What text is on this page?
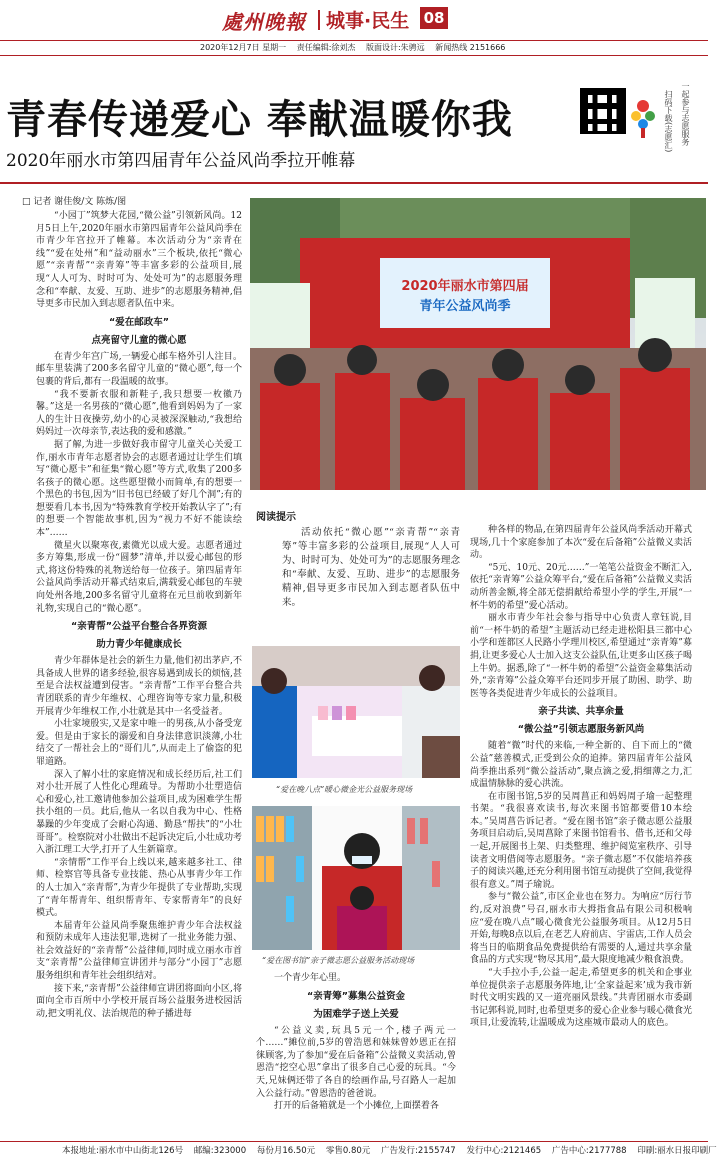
處州晚報 城事·民生 08
2020年12月7日 星期一 责任编辑:徐刘杰 版面设计:朱骋远 新闻热线 2151666
青春传递爱心 奉献温暖你我
2020年丽水市第四届青年公益风尚季拉开帷幕
扫码下载(志愿汇) 一起参与志愿服务
□ 记者 谢佳俊/文 陈炼/图

“小园丁”筑梦大花园,“微公益”引领新风尚。12月5日上午,2020年丽水市第四届青年公益风尚季在市青少年宫拉开了帷幕。本次活动分为“亲青在线”“爱在处州”和“益动丽水”三个板块,依托“微心愿”“亲青帮”“亲青筹”等丰富多彩的公益项目,展现“人人可为、时时可为、处处可为”的志愿服务理念和“奉献、友爱、互助、进步”的志愿服务精神,倡导更多市民加入到志愿者队伍中来。

“爱在邮政车”

点亮留守儿童的微心愿

在青少年宫广场,一辆爱心邮车格外引人注目。邮车里装满了200多名留守儿童的“微心愿”,每一个包裹的背后,都有一段温暖的故事。

“我不要新衣服和新鞋子,我只想要一枚徽乃馨。”这是一名男孩的“微心愿”,他看到妈妈为了一家人的生计日夜操劳,幼小的心灵被深深触动,“我想给妈妈过一次母亲节,表达我的爱和感激。”

据了解,为进一步做好我市留守儿童关心关爱工作,丽水市青年志愿者协会的志愿者通过让学生们填写“微心愿卡”和征集“微心愿”等方式,收集了200多名孩子的微心愿。这些愿望微小而简单,有的想要一个黑色的书包,因为“旧书包已经破了好几个洞”;有的想要看几本书,因为“特殊教育学校开始教认字了”;有的想要一个智能故事机,因为“视力不好不能读绘本”……

微星火以聚寒夜,素微光以成大爱。志愿者通过多方筹集,形成一份“圆梦”清单,并以爱心邮包的形式,将这份特殊的礼物送给每一位孩子。第四届青年公益风尚季活动开幕式结束后,满载爱心邮包的车驶向处州各地,200多名留守儿童将在元旦前收到新年礼物,实现自己的“微心愿”。

“亲青帮”公益平台整合各界资源

助力青少年健康成长

青少年群体是社会的新生力量,他们初出茅庐,不具备成人世界的诸多经验,很容易遇到成长的烦恼,甚至是合法权益遭到侵害。“亲青帮”工作平台整合共青团联系的青少年维权、心理咨询等专家力量,积极开展青少年维权工作,小壮就是其中一名受益者。

小壮家境殷实,又是家中唯一的男孩,从小备受宠爱。但是由于家长的溺爱和自身法律意识淡薄,小壮结交了一帮社会上的“哥们儿”,从而走上了偷盗的犯罪道路。

深入了解小壮的家庭情况和成长经历后,社工们对小壮开展了人性化心理疏导。为帮助小壮塑造信心和爱心,社工邀请他参加公益项目,成为困难学生帮扶小组的一员。此后,他从一名以自我为中心、性格暴躁的少年变成了会耐心沟通、勤恳“帮扶”的“小壮哥哥”。检察院对小壮做出不起诉决定后,小壮成功考入浙江理工大学,打开了人生新篇章。

“亲情帮”工作平台上线以来,越来越多社工、律师、检察官等具备专业技能、热心从事青少年工作的人士加入“亲青帮”,为青少年提供了专业帮助,实现了“青年帮青年、组织帮青年、专家帮青年”的良好模式。

本届青年公益风尚季聚焦维护青少年合法权益和预防未成年人违法犯罪,选树了一批业务能力强、社会效益好的“亲青帮”公益律师,同时成立丽水市首支“亲青帮”公益律师宣讲团并与部分“小园丁”志愿服务组织和青年社会组织结对。

接下来,“亲青帮”公益律师宣讲团将面向小区,将面向全市百所中小学校开展百场公益服务进校园活动,把文明礼仪、法治规范的种子播进每

2020年丽水市第四届
青年公益风尚季
阅读提示
活动依托“微心愿”“亲青帮”“亲青筹”等丰富多彩的公益项目,展现“人人可为、时时可为、处处可为”的志愿服务理念和“奉献、友爱、互助、进步”的志愿服务精神,倡导更多市民加入到志愿者队伍中来。
“爱在晚八点”暖心微金光公益服务现场
“爱在图书馆”亲子微志愿公益服务活动现场

一个青少年心里。

“亲青筹”募集公益资金

为困难学子送上关爱

“公益义卖,玩具5元一个,楼子两元一个……”摊位前,5岁的曾浩恩和妹妹曾妙恩正在招徕顾客,为了参加“爱在后备箱”公益微义卖活动,曾恩浩“挖空心思”拿出了很多自己心爱的玩具。“今天,兄妹俩还带了各自的绘画作品,号召路人一起加入公益行动。”曾恩浩的爸爸说。

打开的后备箱就是一个小摊位,上面摆着各

种各样的物品,在第四届青年公益风尚季活动开幕式现场,几十个家庭参加了本次“爱在后备箱”公益微义卖活动。

“5元、10元、20元……”一笔笔公益资金不断汇入,依托“亲青筹”公益众筹平台,“爱在后备箱”公益微义卖活动所善金额,将全部无偿捐献给希望小学的学生,开展“一杯牛奶的希望”爱心活动。

丽水市青少年社会参与指导中心负责人章钰说,目前“一杯牛奶的希望”主题活动已经走进松阳县三都中心小学和莲都区人民路小学理川校区,希望通过“亲青筹”募捐,让更多爱心人士加入这支公益队伍,让更多山区孩子喝上牛奶。据悉,除了“一杯牛奶的希望”公益资金募集活动外,“亲青筹”公益众筹平台还同步开展了助困、助学、助医等各类促进青少年成长的公益项目。

亲子共读、共享余量

“微公益”引领志愿服务新风尚

随着“微”时代的来临,一种全新的、自下而上的“微公益”慈善模式,正受到公众的追捧。第四届青年公益风尚季推出系列“微公益活动”,聚点滴之爱,捐细薄之力,汇成温情脉脉的爱心洪流。

在市图书馆,5岁的吴周菖正和妈妈周子瑜一起整理书架。“我很喜欢读书,每次来图书馆都要借10本绘本。”吴周菖告诉记者。“爱在图书馆”亲子微志愿公益服务项目启动后,吴周菖除了来图书馆看书、借书,还和父母一起,开展图书上架、归类整理、维护阅览室秩序、引导读者文明借阅等志愿服务。“亲子微志愿”不仅能培养孩子的阅读兴趣,还充分利用图书馆互动提供了空间,我觉得很有意义。”周子瑜说。

参与“微公益”,市区企业也在努力。为响应“厉行节约,反对浪费”号召,丽水市大拇指食品有限公司积极响应“爱在晚八点”暖心微食光公益服务项目。从12月5日开始,每晚8点以后,在老艺人府前店、宇雷店,工作人员会将当日的临期食品免费提供给有需要的人,通过共享余量食品的方式实现“物尽其用”,最大限度地减少粮食浪费。

“大手拉小手,公益一起走,希望更多的机关和企事业单位提供亲子志愿服务阵地,让‘全家益起来’成为我市新时代文明实践的又一道亮丽风景线。”共青团丽水市委副书记郭科说,同时,也希望更多的爱心企业参与暖心微食光项目,让爱流转,让温暖成为这座城市最动人的底色。

本报地址:丽水市中山街北126号 邮编:323000 每份月16.50元 零售0.80元 广告发行:2155747 发行中心:2121465 广告中心:2177788 印刷:丽水日报印刷厂
